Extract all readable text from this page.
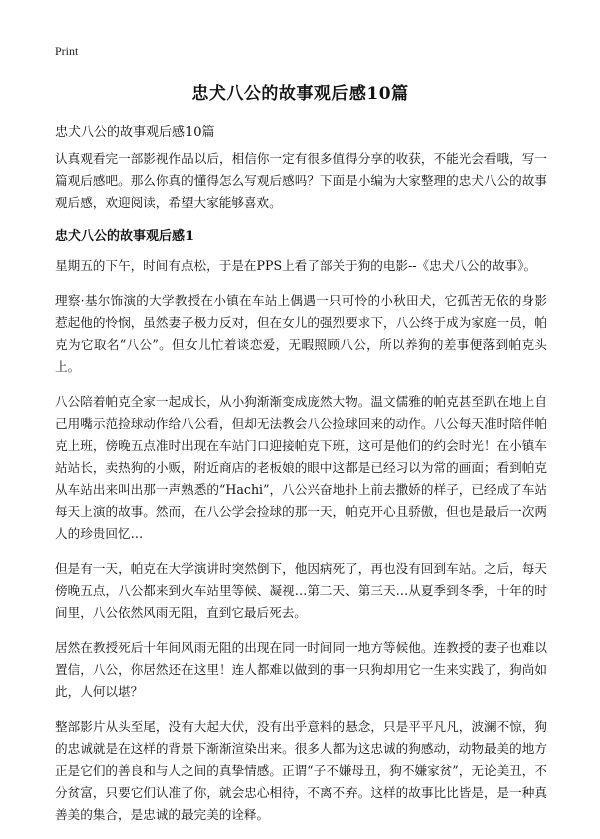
Print
忠犬八公的故事观后感10篇

忠犬八公的故事观后感10篇

认真观看完一部影视作品以后，相信你一定有很多值得分享的收获，不能光会看哦，写一篇观后感吧。那么你真的懂得怎么写观后感吗？下面是小编为大家整理的忠犬八公的故事观后感，欢迎阅读，希望大家能够喜欢。

忠犬八公的故事观后感1

星期五的下午，时间有点松，于是在PPS上看了部关于狗的电影--《忠犬八公的故事》。

理察·基尔饰演的大学教授在小镇在车站上偶遇一只可怜的小秋田犬，它孤苦无依的身影惹起他的怜悯，虽然妻子极力反对，但在女儿的强烈要求下，八公终于成为家庭一员，帕克为它取名“八公”。但女儿忙着谈恋爱，无暇照顾八公，所以养狗的差事便落到帕克头上。

八公陪着帕克全家一起成长，从小狗渐渐变成庞然大物。温文儒雅的帕克甚至趴在地上自己用嘴示范捡球动作给八公看，但却无法教会八公捡球回来的动作。八公每天准时陪伴帕克上班，傍晚五点准时出现在车站门口迎接帕克下班，这可是他们的约会时光！在小镇车站站长，卖热狗的小贩，附近商店的老板娘的眼中这都是已经习以为常的画面；看到帕克从车站出来叫出那一声熟悉的“Hachi”，八公兴奋地扑上前去撒娇的样子，已经成了车站每天上演的故事。然而，在八公学会捡球的那一天，帕克开心且骄傲，但也是最后一次两人的珍贵回忆…

但是有一天，帕克在大学演讲时突然倒下，他因病死了，再也没有回到车站。之后，每天傍晚五点，八公都来到火车站里等候、凝视…第二天、第三天…从夏季到冬季，十年的时间里，八公依然风雨无阻，直到它最后死去。

居然在教授死后十年间风雨无阻的出现在同一时间同一地方等候他。连教授的妻子也难以置信，八公，你居然还在这里！连人都难以做到的事一只狗却用它一生来实践了，狗尚如此，人何以堪？

整部影片从头至尾，没有大起大伏，没有出乎意料的悬念，只是平平凡凡，波澜不惊，狗的忠诚就是在这样的背景下渐渐渲染出来。很多人都为这忠诚的狗感动，动物最美的地方正是它们的善良和与人之间的真挚情感。正谓“子不嫌母丑，狗不嫌家贫”，无论美丑，不分贫富，只要它们认准了你，就会忠心相待，不离不弃。这样的故事比比皆是，是一种真善美的集合，是忠诚的最完美的诠释。
